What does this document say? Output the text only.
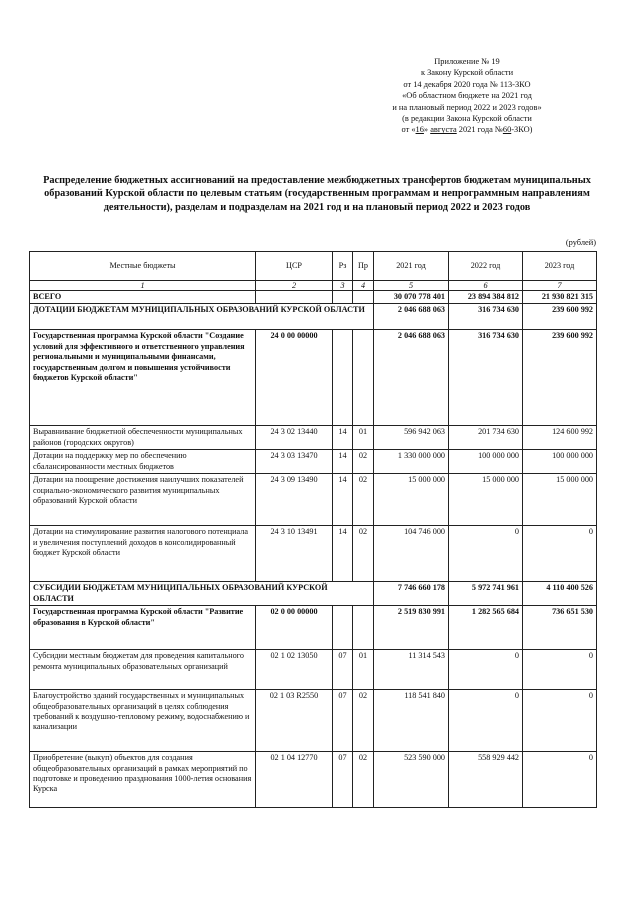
Приложение № 19
к Закону Курской области
от 14 декабря 2020 года № 113-ЗКО
«Об областном бюджете на 2021 год
и на плановый период 2022 и 2023 годов»
(в редакции Закона Курской области
от «16» августа 2021 года №60-ЗКО)
Распределение бюджетных ассигнований на предоставление межбюджетных трансфертов бюджетам муниципальных образований Курской области по целевым статьям (государственным программам и непрограммным направлениям деятельности), разделам и подразделам на 2021 год и на плановый период 2022 и 2023 годов
(рублей)
Местные бюджеты	ЦСР	Рз	Пр	2021 год	2022 год	2023 год
1	2	3	4	5	6	7
ВСЕГО				30 070 778 401	23 894 384 812	21 930 821 315
ДОТАЦИИ БЮДЖЕТАМ МУНИЦИПАЛЬНЫХ ОБРАЗОВАНИЙ КУРСКОЙ ОБЛАСТИ				2 046 688 063	316 734 630	239 600 992
Государственная программа Курской области "Создание условий для эффективного и ответственного управления региональными и муниципальными финансами, государственным долгом и повышения устойчивости бюджетов Курской области"	24 0 00 00000			2 046 688 063	316 734 630	239 600 992
Выравнивание бюджетной обеспеченности муниципальных районов (городских округов)	24 3 02 13440	14	01	596 942 063	201 734 630	124 600 992
Дотации на поддержку мер по обеспечению сбалансированности местных бюджетов	24 3 03 13470	14	02	1 330 000 000	100 000 000	100 000 000
Дотации на поощрение достижения наилучших показателей социально-экономического развития муниципальных образований Курской области	24 3 09 13490	14	02	15 000 000	15 000 000	15 000 000
Дотации на стимулирование развития налогового потенциала и увеличения поступлений доходов в консолидированный бюджет Курской области	24 3 10 13491	14	02	104 746 000	0	0
СУБСИДИИ БЮДЖЕТАМ МУНИЦИПАЛЬНЫХ ОБРАЗОВАНИЙ КУРСКОЙ ОБЛАСТИ				7 746 660 178	5 972 741 961	4 110 400 526
Государственная программа Курской области "Развитие образования в Курской области"	02 0 00 00000			2 519 830 991	1 282 565 684	736 651 530
Субсидии местным бюджетам для проведения капитального ремонта муниципальных образовательных организаций	02 1 02 13050	07	01	11 314 543	0	0
Благоустройство зданий государственных и муниципальных общеобразовательных организаций в целях соблюдения требований к воздушно-тепловому режиму, водоснабжению и канализации	02 1 03 R2550	07	02	118 541 840	0	0
Приобретение (выкуп) объектов для создания общеобразовательных организаций в рамках мероприятий по подготовке и проведению празднования 1000-летия основания Курска	02 1 04 12770	07	02	523 590 000	558 929 442	0
